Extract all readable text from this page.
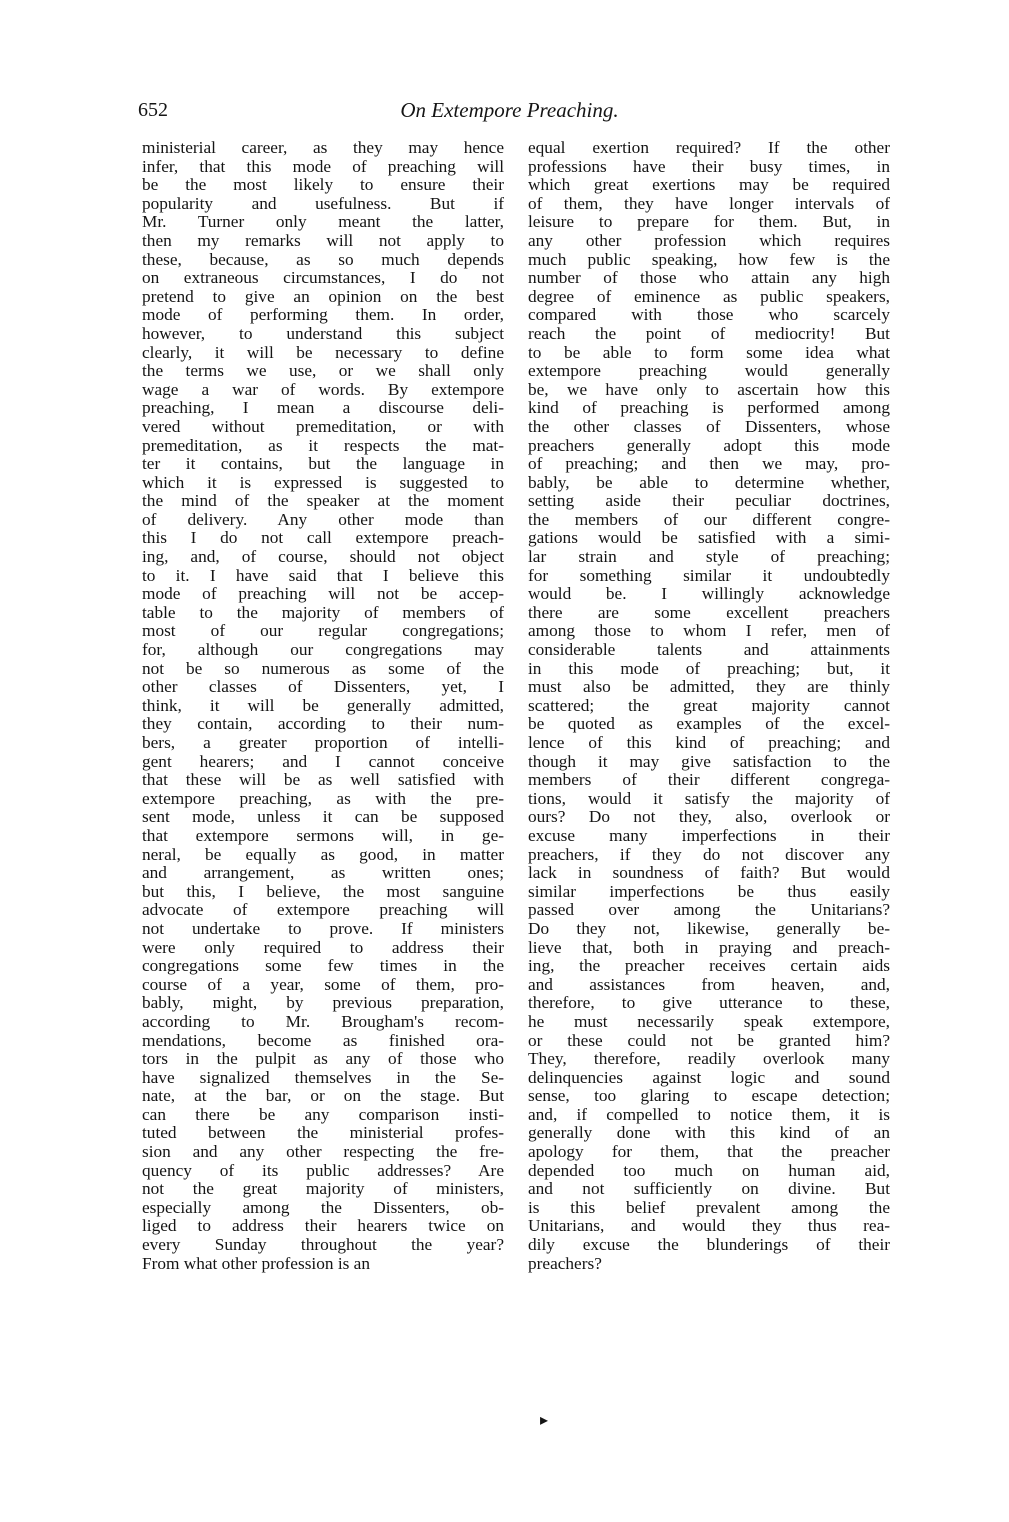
652	On Extempore Preaching.
ministerial career, as they may hence
infer, that this mode of preaching will
be the most likely to ensure their
popularity and usefulness. But if
Mr. Turner only meant the latter,
then my remarks will not apply to
these, because, as so much depends
on extraneous circumstances, I do not
pretend to give an opinion on the best
mode of performing them. In order,
however, to understand this subject
clearly, it will be necessary to define
the terms we use, or we shall only
wage a war of words. By extempore
preaching, I mean a discourse deli-
vered without premeditation, or with
premeditation, as it respects the mat-
ter it contains, but the language in
which it is expressed is suggested to
the mind of the speaker at the moment
of delivery. Any other mode than
this I do not call extempore preach-
ing, and, of course, should not object
to it. I have said that I believe this
mode of preaching will not be accep-
table to the majority of members of
most of our regular congregations;
for, although our congregations may
not be so numerous as some of the
other classes of Dissenters, yet, I
think, it will be generally admitted,
they contain, according to their num-
bers, a greater proportion of intelli-
gent hearers; and I cannot conceive
that these will be as well satisfied with
extempore preaching, as with the pre-
sent mode, unless it can be supposed
that extempore sermons will, in ge-
neral, be equally as good, in matter
and arrangement, as written ones;
but this, I believe, the most sanguine
advocate of extempore preaching will
not undertake to prove. If ministers
were only required to address their
congregations some few times in the
course of a year, some of them, pro-
bably, might, by previous preparation,
according to Mr. Brougham's recom-
mendations, become as finished ora-
tors in the pulpit as any of those who
have signalized themselves in the Se-
nate, at the bar, or on the stage. But
can there be any comparison insti-
tuted between the ministerial profes-
sion and any other respecting the fre-
quency of its public addresses? Are
not the great majority of ministers,
especially among the Dissenters, ob-
liged to address their hearers twice on
every Sunday throughout the year?
From what other profession is an
equal exertion required? If the other
professions have their busy times, in
which great exertions may be required
of them, they have longer intervals of
leisure to prepare for them. But, in
any other profession which requires
much public speaking, how few is the
number of those who attain any high
degree of eminence as public speakers,
compared with those who scarcely
reach the point of mediocrity! But
to be able to form some idea what
extempore preaching would generally
be, we have only to ascertain how this
kind of preaching is performed among
the other classes of Dissenters, whose
preachers generally adopt this mode
of preaching; and then we may, pro-
bably, be able to determine whether,
setting aside their peculiar doctrines,
the members of our different congre-
gations would be satisfied with a simi-
lar strain and style of preaching;
for something similar it undoubtedly
would be. I willingly acknowledge
there are some excellent preachers
among those to whom I refer, men of
considerable talents and attainments
in this mode of preaching; but, it
must also be admitted, they are thinly
scattered; the great majority cannot
be quoted as examples of the excel-
lence of this kind of preaching; and
though it may give satisfaction to the
members of their different congrega-
tions, would it satisfy the majority of
ours? Do not they, also, overlook or
excuse many imperfections in their
preachers, if they do not discover any
lack in soundness of faith? But would
similar imperfections be thus easily
passed over among the Unitarians?
Do they not, likewise, generally be-
lieve that, both in praying and preach-
ing, the preacher receives certain aids
and assistances from heaven, and,
therefore, to give utterance to these,
he must necessarily speak extempore,
or these could not be granted him?
They, therefore, readily overlook many
delinquencies against logic and sound
sense, too glaring to escape detection;
and, if compelled to notice them, it is
generally done with this kind of an
apology for them, that the preacher
depended too much on human aid,
and not sufficiently on divine. But
is this belief prevalent among the
Unitarians, and would they thus rea-
dily excuse the blunderings of their
preachers?
▸
